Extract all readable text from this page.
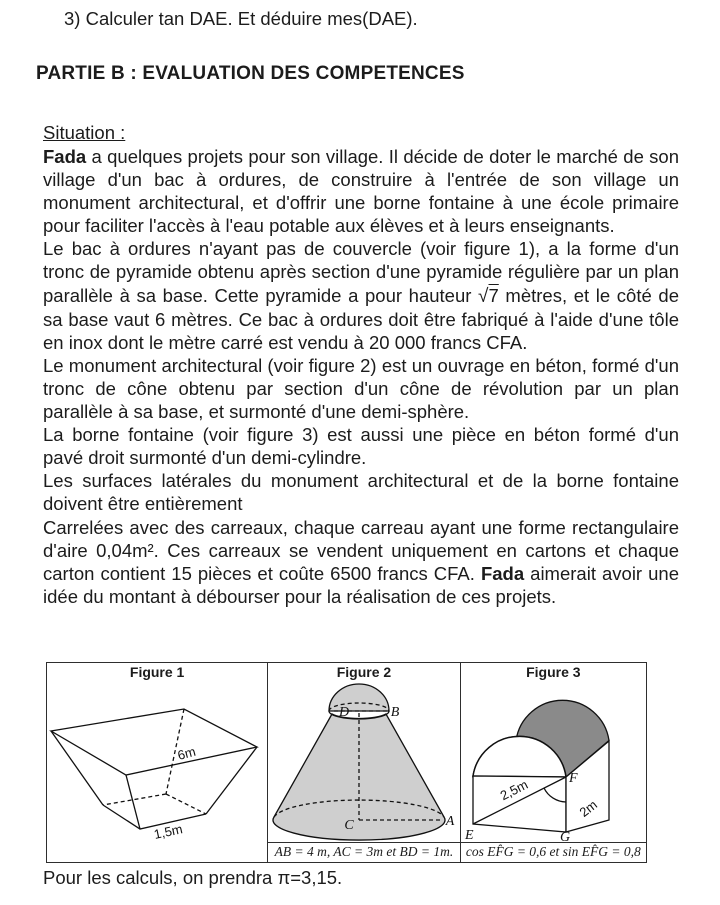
3) Calculer tan DAE. Et déduire mes(DAE).
PARTIE B : EVALUATION DES COMPETENCES
Situation :

Fada a quelques projets pour son village. Il décide de doter le marché de son village d'un bac à ordures, de construire à l'entrée de son village un monument architectural, et d'offrir une borne fontaine à une école primaire pour faciliter l'accès à l'eau potable aux élèves et à leurs enseignants.

Le bac à ordures n'ayant pas de couvercle (voir figure 1), a la forme d'un tronc de pyramide obtenu après section d'une pyramide régulière par un plan parallèle à sa base. Cette pyramide a pour hauteur √7 mètres, et le côté de sa base vaut 6 mètres. Ce bac à ordures doit être fabriqué à l'aide d'une tôle en inox dont le mètre carré est vendu à 20 000 francs CFA.

Le monument architectural (voir figure 2) est un ouvrage en béton, formé d'un tronc de cône obtenu par section d'un cône de révolution par un plan parallèle à sa base, et surmonté d'une demi-sphère.

La borne fontaine (voir figure 3) est aussi une pièce en béton formé d'un pavé droit surmonté d'un demi-cylindre.

Les surfaces latérales du monument architectural et de la borne fontaine doivent être entièrement

Carrelées avec des carreaux, chaque carreau ayant une forme rectangulaire d'aire 0,04m². Ces carreaux se vendent uniquement en cartons et chaque carton contient 15 pièces et coûte 6500 francs CFA. Fada aimerait avoir une idée du montant à débourser pour la réalisation de ces projets.

Figure 1
6m
1,5m
Figure 2
D	B
C	A
AB = 4 m, AC = 3m et BD = 1m.
Figure 3
2,5m
2m
E
F
G
cos EF̂G = 0,6 et sin EF̂G = 0,8
Pour les calculs, on prendra π=3,15.
